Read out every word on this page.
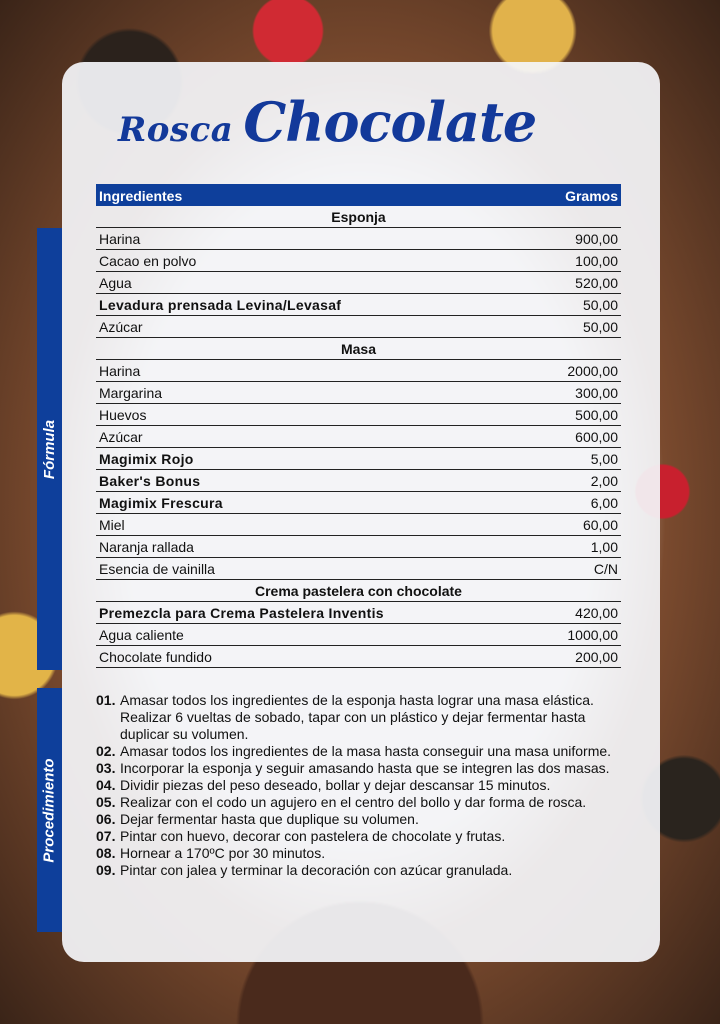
Rosca Chocolate
Fórmula
Procedimiento
Ingredientes	Gramos
Esponja	
Harina	900,00
Cacao en polvo	100,00
Agua	520,00
Levadura prensada Levina/Levasaf	50,00
Azúcar	50,00
Masa	
Harina	2000,00
Margarina	300,00
Huevos	500,00
Azúcar	600,00
Magimix Rojo	5,00
Baker's Bonus	2,00
Magimix Frescura	6,00
Miel	60,00
Naranja rallada	1,00
Esencia de vainilla	C/N
Crema pastelera con chocolate	
Premezcla para Crema Pastelera Inventis	420,00
Agua caliente	1000,00
Chocolate fundido	200,00
01. Amasar todos los ingredientes de la esponja hasta lograr una masa elástica. Realizar 6 vueltas de sobado, tapar con un plástico y dejar fermentar hasta duplicar su volumen.
02. Amasar todos los ingredientes de la masa hasta conseguir una masa uniforme.
03. Incorporar la esponja y seguir amasando hasta que se integren las dos masas.
04. Dividir piezas del peso deseado, bollar y dejar descansar 15 minutos.
05. Realizar con el codo un agujero en el centro del bollo y dar forma de rosca.
06. Dejar fermentar hasta que duplique su volumen.
07. Pintar con huevo, decorar con pastelera de chocolate y frutas.
08. Hornear a 170ºC por 30 minutos.
09. Pintar con jalea y terminar la decoración con azúcar granulada.
